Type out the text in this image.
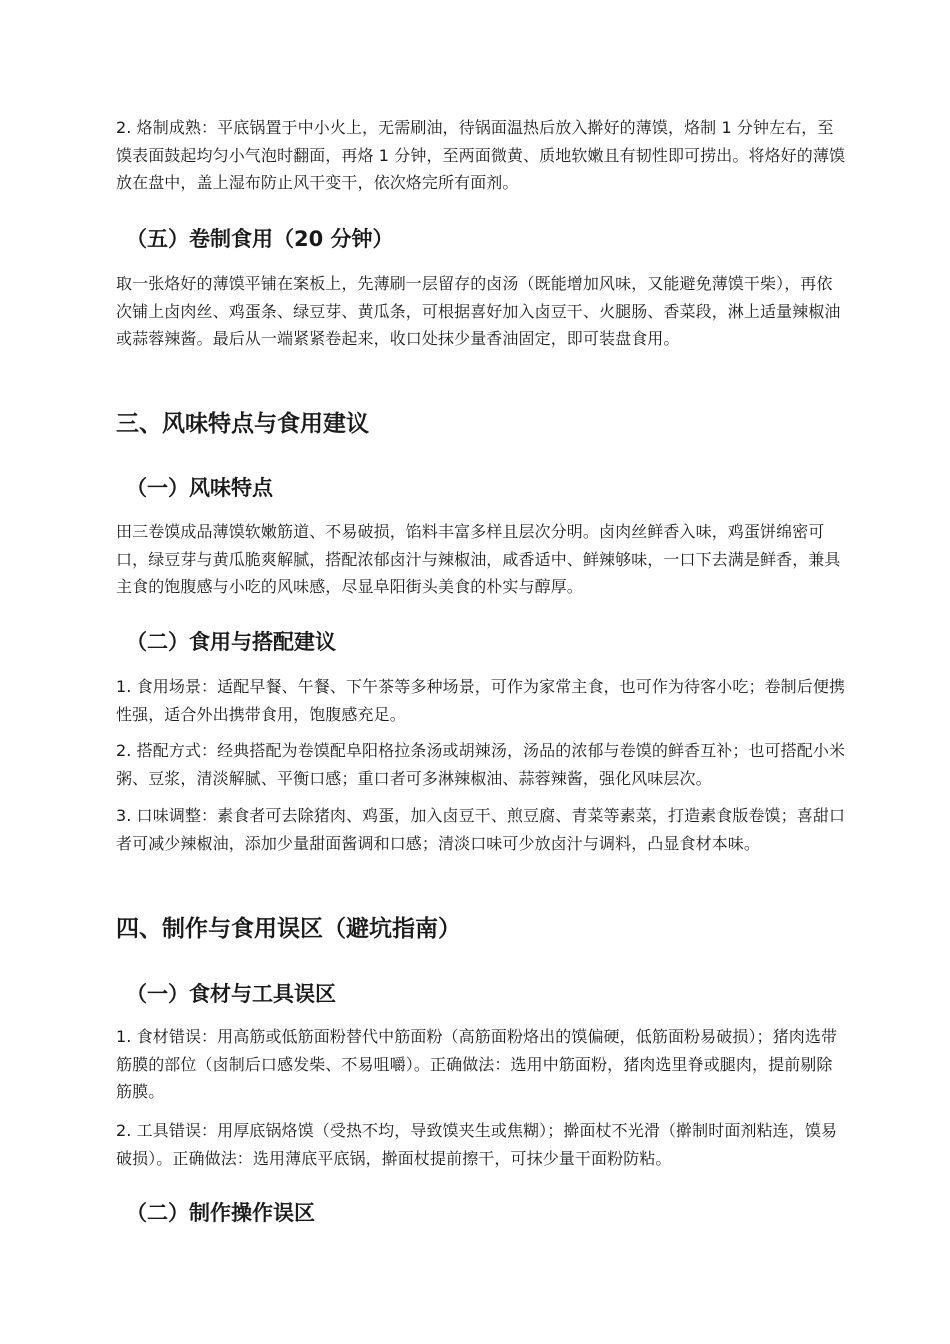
2. 烙制成熟：平底锅置于中小火上，无需刷油，待锅面温热后放入擀好的薄馍，烙制 1 分钟左右，至馍表面鼓起均匀小气泡时翻面，再烙 1 分钟，至两面微黄、质地软嫩且有韧性即可捞出。将烙好的薄馍放在盘中，盖上湿布防止风干变干，依次烙完所有面剂。

（五）卷制食用（20 分钟）

取一张烙好的薄馍平铺在案板上，先薄刷一层留存的卤汤（既能增加风味，又能避免薄馍干柴），再依次铺上卤肉丝、鸡蛋条、绿豆芽、黄瓜条，可根据喜好加入卤豆干、火腿肠、香菜段，淋上适量辣椒油或蒜蓉辣酱。最后从一端紧紧卷起来，收口处抹少量香油固定，即可装盘食用。

三、风味特点与食用建议
（一）风味特点

田三卷馍成品薄馍软嫩筋道、不易破损，馅料丰富多样且层次分明。卤肉丝鲜香入味，鸡蛋饼绵密可口，绿豆芽与黄瓜脆爽解腻，搭配浓郁卤汁与辣椒油，咸香适中、鲜辣够味，一口下去满是鲜香，兼具主食的饱腹感与小吃的风味感，尽显阜阳街头美食的朴实与醇厚。

（二）食用与搭配建议

1. 食用场景：适配早餐、午餐、下午茶等多种场景，可作为家常主食，也可作为待客小吃；卷制后便携性强，适合外出携带食用，饱腹感充足。

2. 搭配方式：经典搭配为卷馍配阜阳格拉条汤或胡辣汤，汤品的浓郁与卷馍的鲜香互补；也可搭配小米粥、豆浆，清淡解腻、平衡口感；重口者可多淋辣椒油、蒜蓉辣酱，强化风味层次。

3. 口味调整：素食者可去除猪肉、鸡蛋，加入卤豆干、煎豆腐、青菜等素菜，打造素食版卷馍；喜甜口者可减少辣椒油，添加少量甜面酱调和口感；清淡口味可少放卤汁与调料，凸显食材本味。

四、制作与食用误区（避坑指南）
（一）食材与工具误区

1. 食材错误：用高筋或低筋面粉替代中筋面粉（高筋面粉烙出的馍偏硬，低筋面粉易破损）；猪肉选带筋膜的部位（卤制后口感发柴、不易咀嚼）。正确做法：选用中筋面粉，猪肉选里脊或腿肉，提前剔除筋膜。

2. 工具错误：用厚底锅烙馍（受热不均，导致馍夹生或焦糊）；擀面杖不光滑（擀制时面剂粘连，馍易破损）。正确做法：选用薄底平底锅，擀面杖提前擦干，可抹少量干面粉防粘。

（二）制作操作误区
